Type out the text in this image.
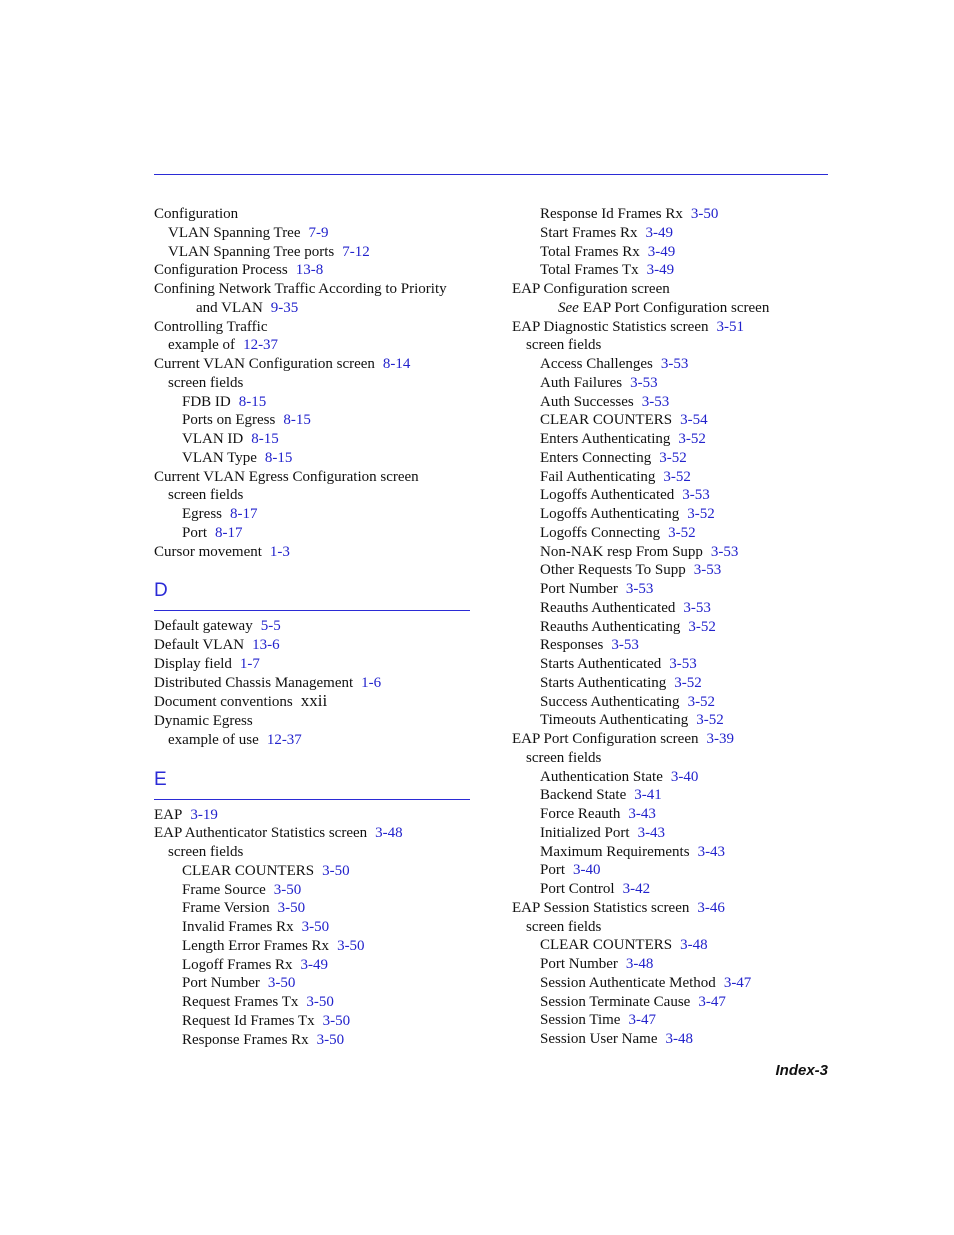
Configuration
VLAN Spanning Tree 7-9
VLAN Spanning Tree ports 7-12
Configuration Process 13-8
Confining Network Traffic According to Priority
and VLAN 9-35
Controlling Traffic
example of 12-37
Current VLAN Configuration screen 8-14
screen fields
FDB ID 8-15
Ports on Egress 8-15
VLAN ID 8-15
VLAN Type 8-15
Current VLAN Egress Configuration screen
screen fields
Egress 8-17
Port 8-17
Cursor movement 1-3
D
Default gateway 5-5
Default VLAN 13-6
Display field 1-7
Distributed Chassis Management 1-6
Document conventions xxii
Dynamic Egress
example of use 12-37
E
EAP 3-19
EAP Authenticator Statistics screen 3-48
screen fields
CLEAR COUNTERS 3-50
Frame Source 3-50
Frame Version 3-50
Invalid Frames Rx 3-50
Length Error Frames Rx 3-50
Logoff Frames Rx 3-49
Port Number 3-50
Request Frames Tx 3-50
Request Id Frames Tx 3-50
Response Frames Rx 3-50
Response Id Frames Rx 3-50
Start Frames Rx 3-49
Total Frames Rx 3-49
Total Frames Tx 3-49
EAP Configuration screen
See EAP Port Configuration screen
EAP Diagnostic Statistics screen 3-51
screen fields
Access Challenges 3-53
Auth Failures 3-53
Auth Successes 3-53
CLEAR COUNTERS 3-54
Enters Authenticating 3-52
Enters Connecting 3-52
Fail Authenticating 3-52
Logoffs Authenticated 3-53
Logoffs Authenticating 3-52
Logoffs Connecting 3-52
Non-NAK resp From Supp 3-53
Other Requests To Supp 3-53
Port Number 3-53
Reauths Authenticated 3-53
Reauths Authenticating 3-52
Responses 3-53
Starts Authenticated 3-53
Starts Authenticating 3-52
Success Authenticating 3-52
Timeouts Authenticating 3-52
EAP Port Configuration screen 3-39
screen fields
Authentication State 3-40
Backend State 3-41
Force Reauth 3-43
Initialized Port 3-43
Maximum Requirements 3-43
Port 3-40
Port Control 3-42
EAP Session Statistics screen 3-46
screen fields
CLEAR COUNTERS 3-48
Port Number 3-48
Session Authenticate Method 3-47
Session Terminate Cause 3-47
Session Time 3-47
Session User Name 3-48
Index-3
